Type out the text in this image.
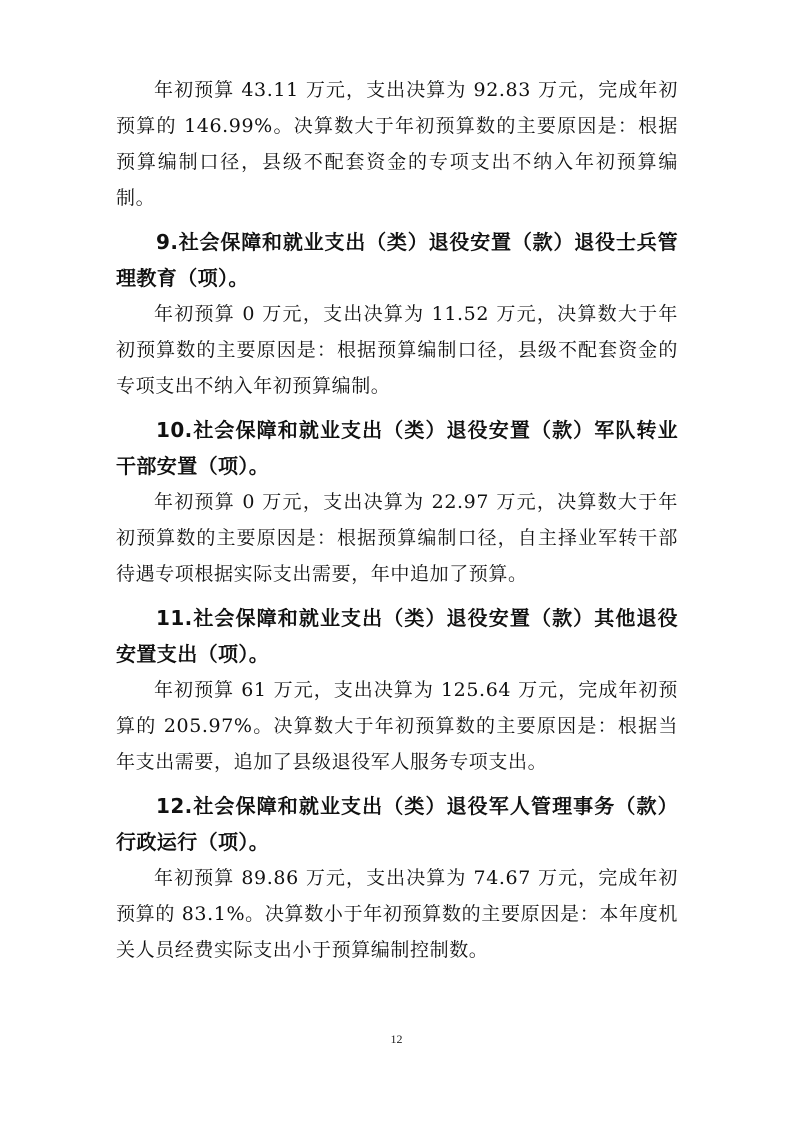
年初预算 43.11 万元，支出决算为 92.83 万元，完成年初预算的 146.99%。决算数大于年初预算数的主要原因是：根据预算编制口径，县级不配套资金的专项支出不纳入年初预算编制。

9.社会保障和就业支出（类）退役安置（款）退役士兵管理教育（项）。

年初预算 0 万元，支出决算为 11.52 万元，决算数大于年初预算数的主要原因是：根据预算编制口径，县级不配套资金的专项支出不纳入年初预算编制。

10.社会保障和就业支出（类）退役安置（款）军队转业干部安置（项）。

年初预算 0 万元，支出决算为 22.97 万元，决算数大于年初预算数的主要原因是：根据预算编制口径，自主择业军转干部待遇专项根据实际支出需要，年中追加了预算。

11.社会保障和就业支出（类）退役安置（款）其他退役安置支出（项）。

年初预算 61 万元，支出决算为 125.64 万元，完成年初预算的 205.97%。决算数大于年初预算数的主要原因是：根据当年支出需要，追加了县级退役军人服务专项支出。

12.社会保障和就业支出（类）退役军人管理事务（款）行政运行（项）。

年初预算 89.86 万元，支出决算为 74.67 万元，完成年初预算的 83.1%。决算数小于年初预算数的主要原因是：本年度机关人员经费实际支出小于预算编制控制数。

12
